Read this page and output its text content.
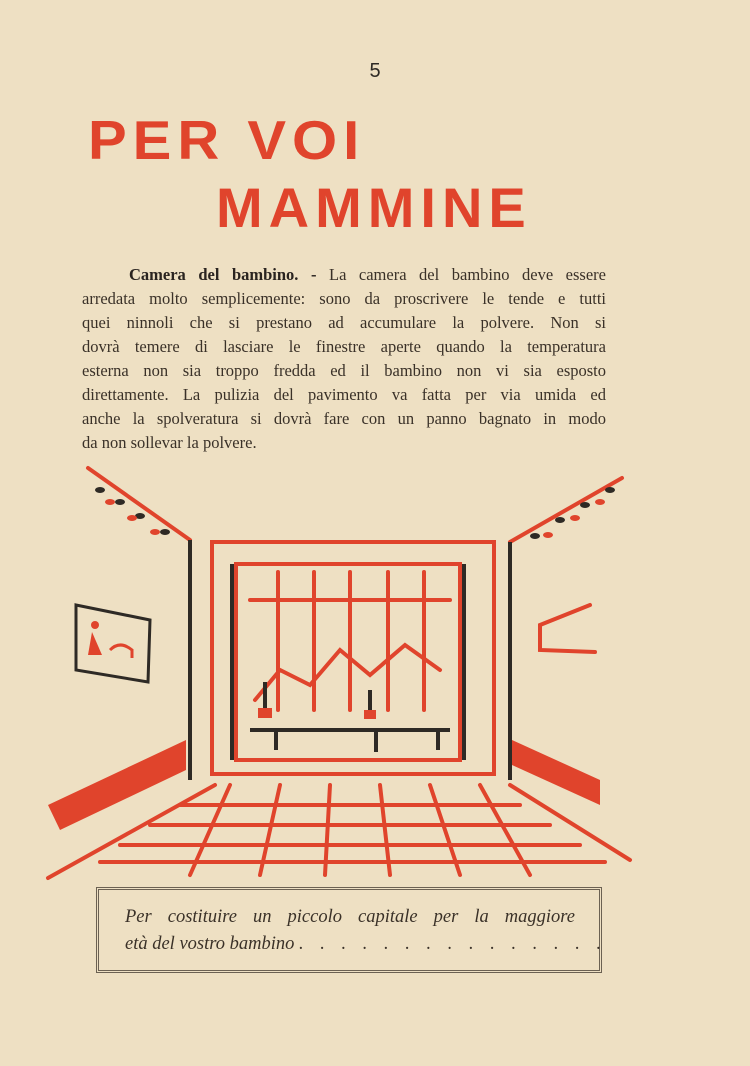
5
PER VOI
MAMMINE
Camera del bambino. - La camera del bambino deve essere
arredata molto semplicemente: sono da proscrivere le tende e tutti
quei ninnoli che si prestano ad accumulare la polvere. Non si
dovrà temere di lasciare le finestre aperte quando la temperatura
esterna non sia troppo fredda ed il bambino non vi sia esposto
direttamente. La pulizia del pavimento va fatta per via umida ed
anche la spolveratura si dovrà fare con un panno bagnato in modo
da non sollevar la polvere.
Per costituire un piccolo capitale per la maggiore
età del vostro bambino . . . . . . . . . . . . . . .
